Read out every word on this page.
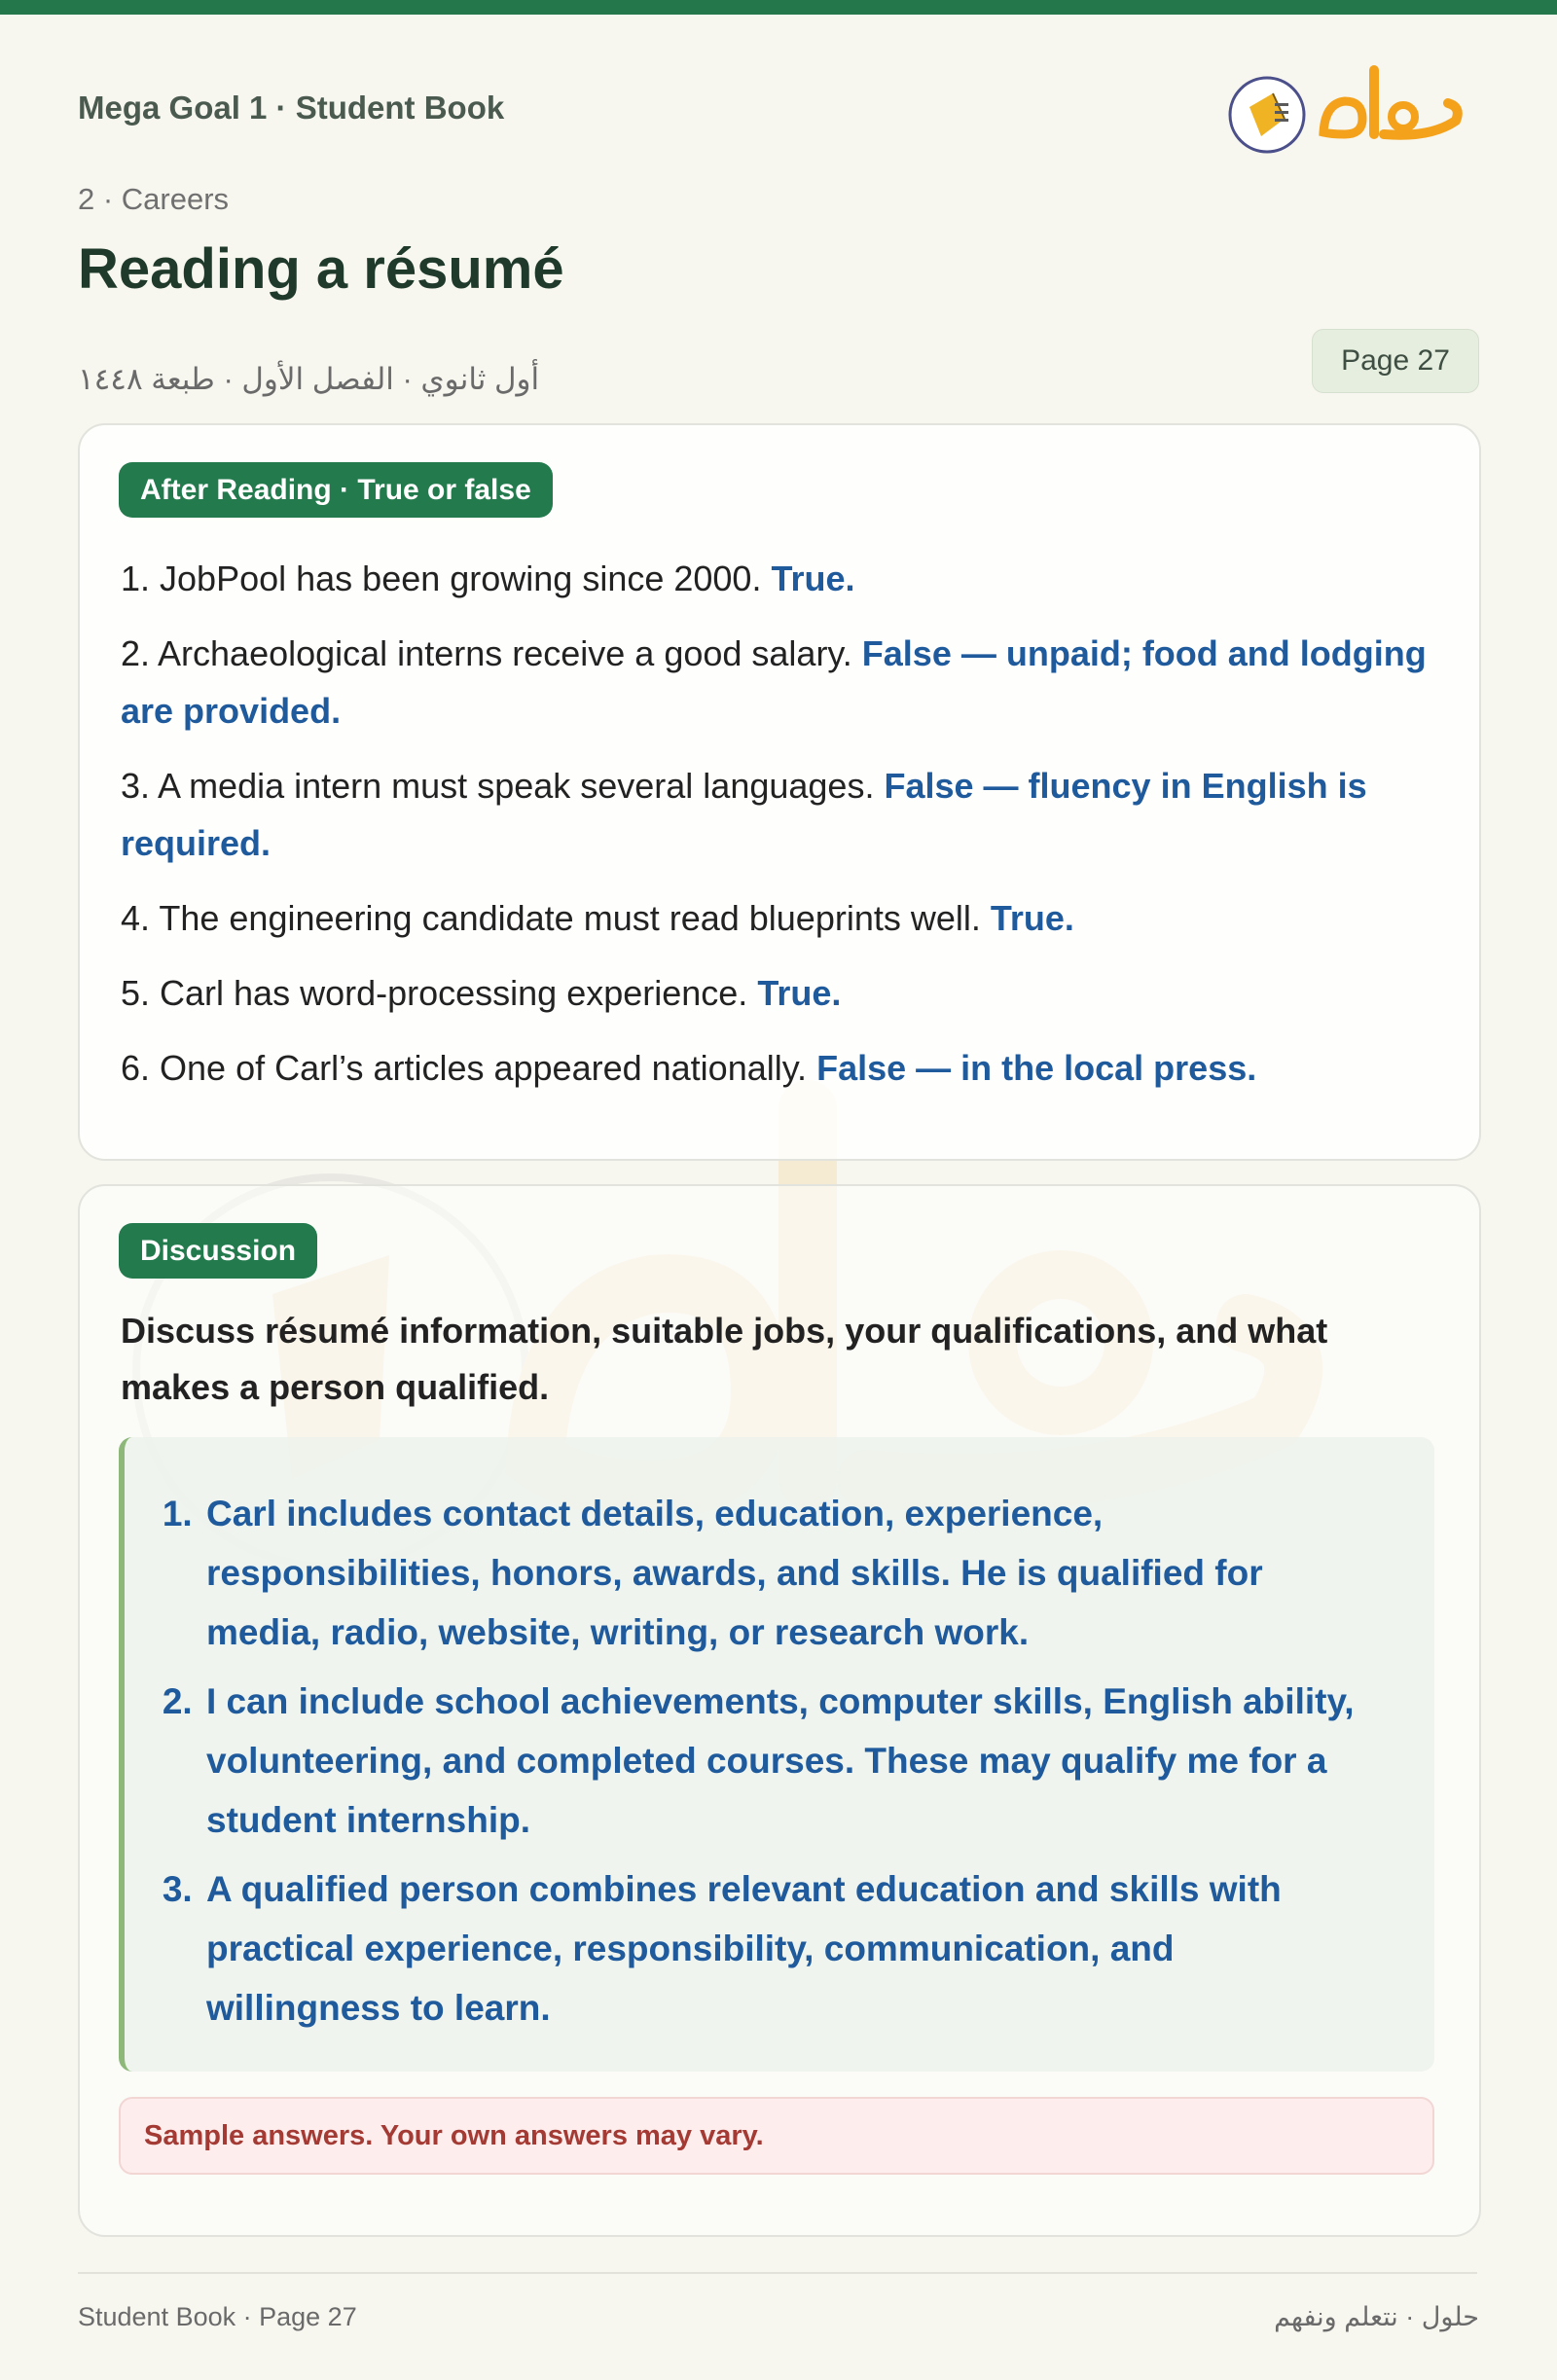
Mega Goal 1 · Student Book
2 · Careers
Reading a résumé
أول ثانوي · الفصل الأول · طبعة ١٤٤٨
Page 27
After Reading · True or false
1. JobPool has been growing since 2000. True.
2. Archaeological interns receive a good salary. False — unpaid; food and lodging are provided.
3. A media intern must speak several languages. False — fluency in English is required.
4. The engineering candidate must read blueprints well. True.
5. Carl has word-processing experience. True.
6. One of Carl’s articles appeared nationally. False — in the local press.
Discussion
Discuss résumé information, suitable jobs, your qualifications, and what makes a person qualified.
1. Carl includes contact details, education, experience, responsibilities, honors, awards, and skills. He is qualified for media, radio, website, writing, or research work.
2. I can include school achievements, computer skills, English ability, volunteering, and completed courses. These may qualify me for a student internship.
3. A qualified person combines relevant education and skills with practical experience, responsibility, communication, and willingness to learn.
Sample answers. Your own answers may vary.
Student Book · Page 27	حلول · نتعلم ونفهم
